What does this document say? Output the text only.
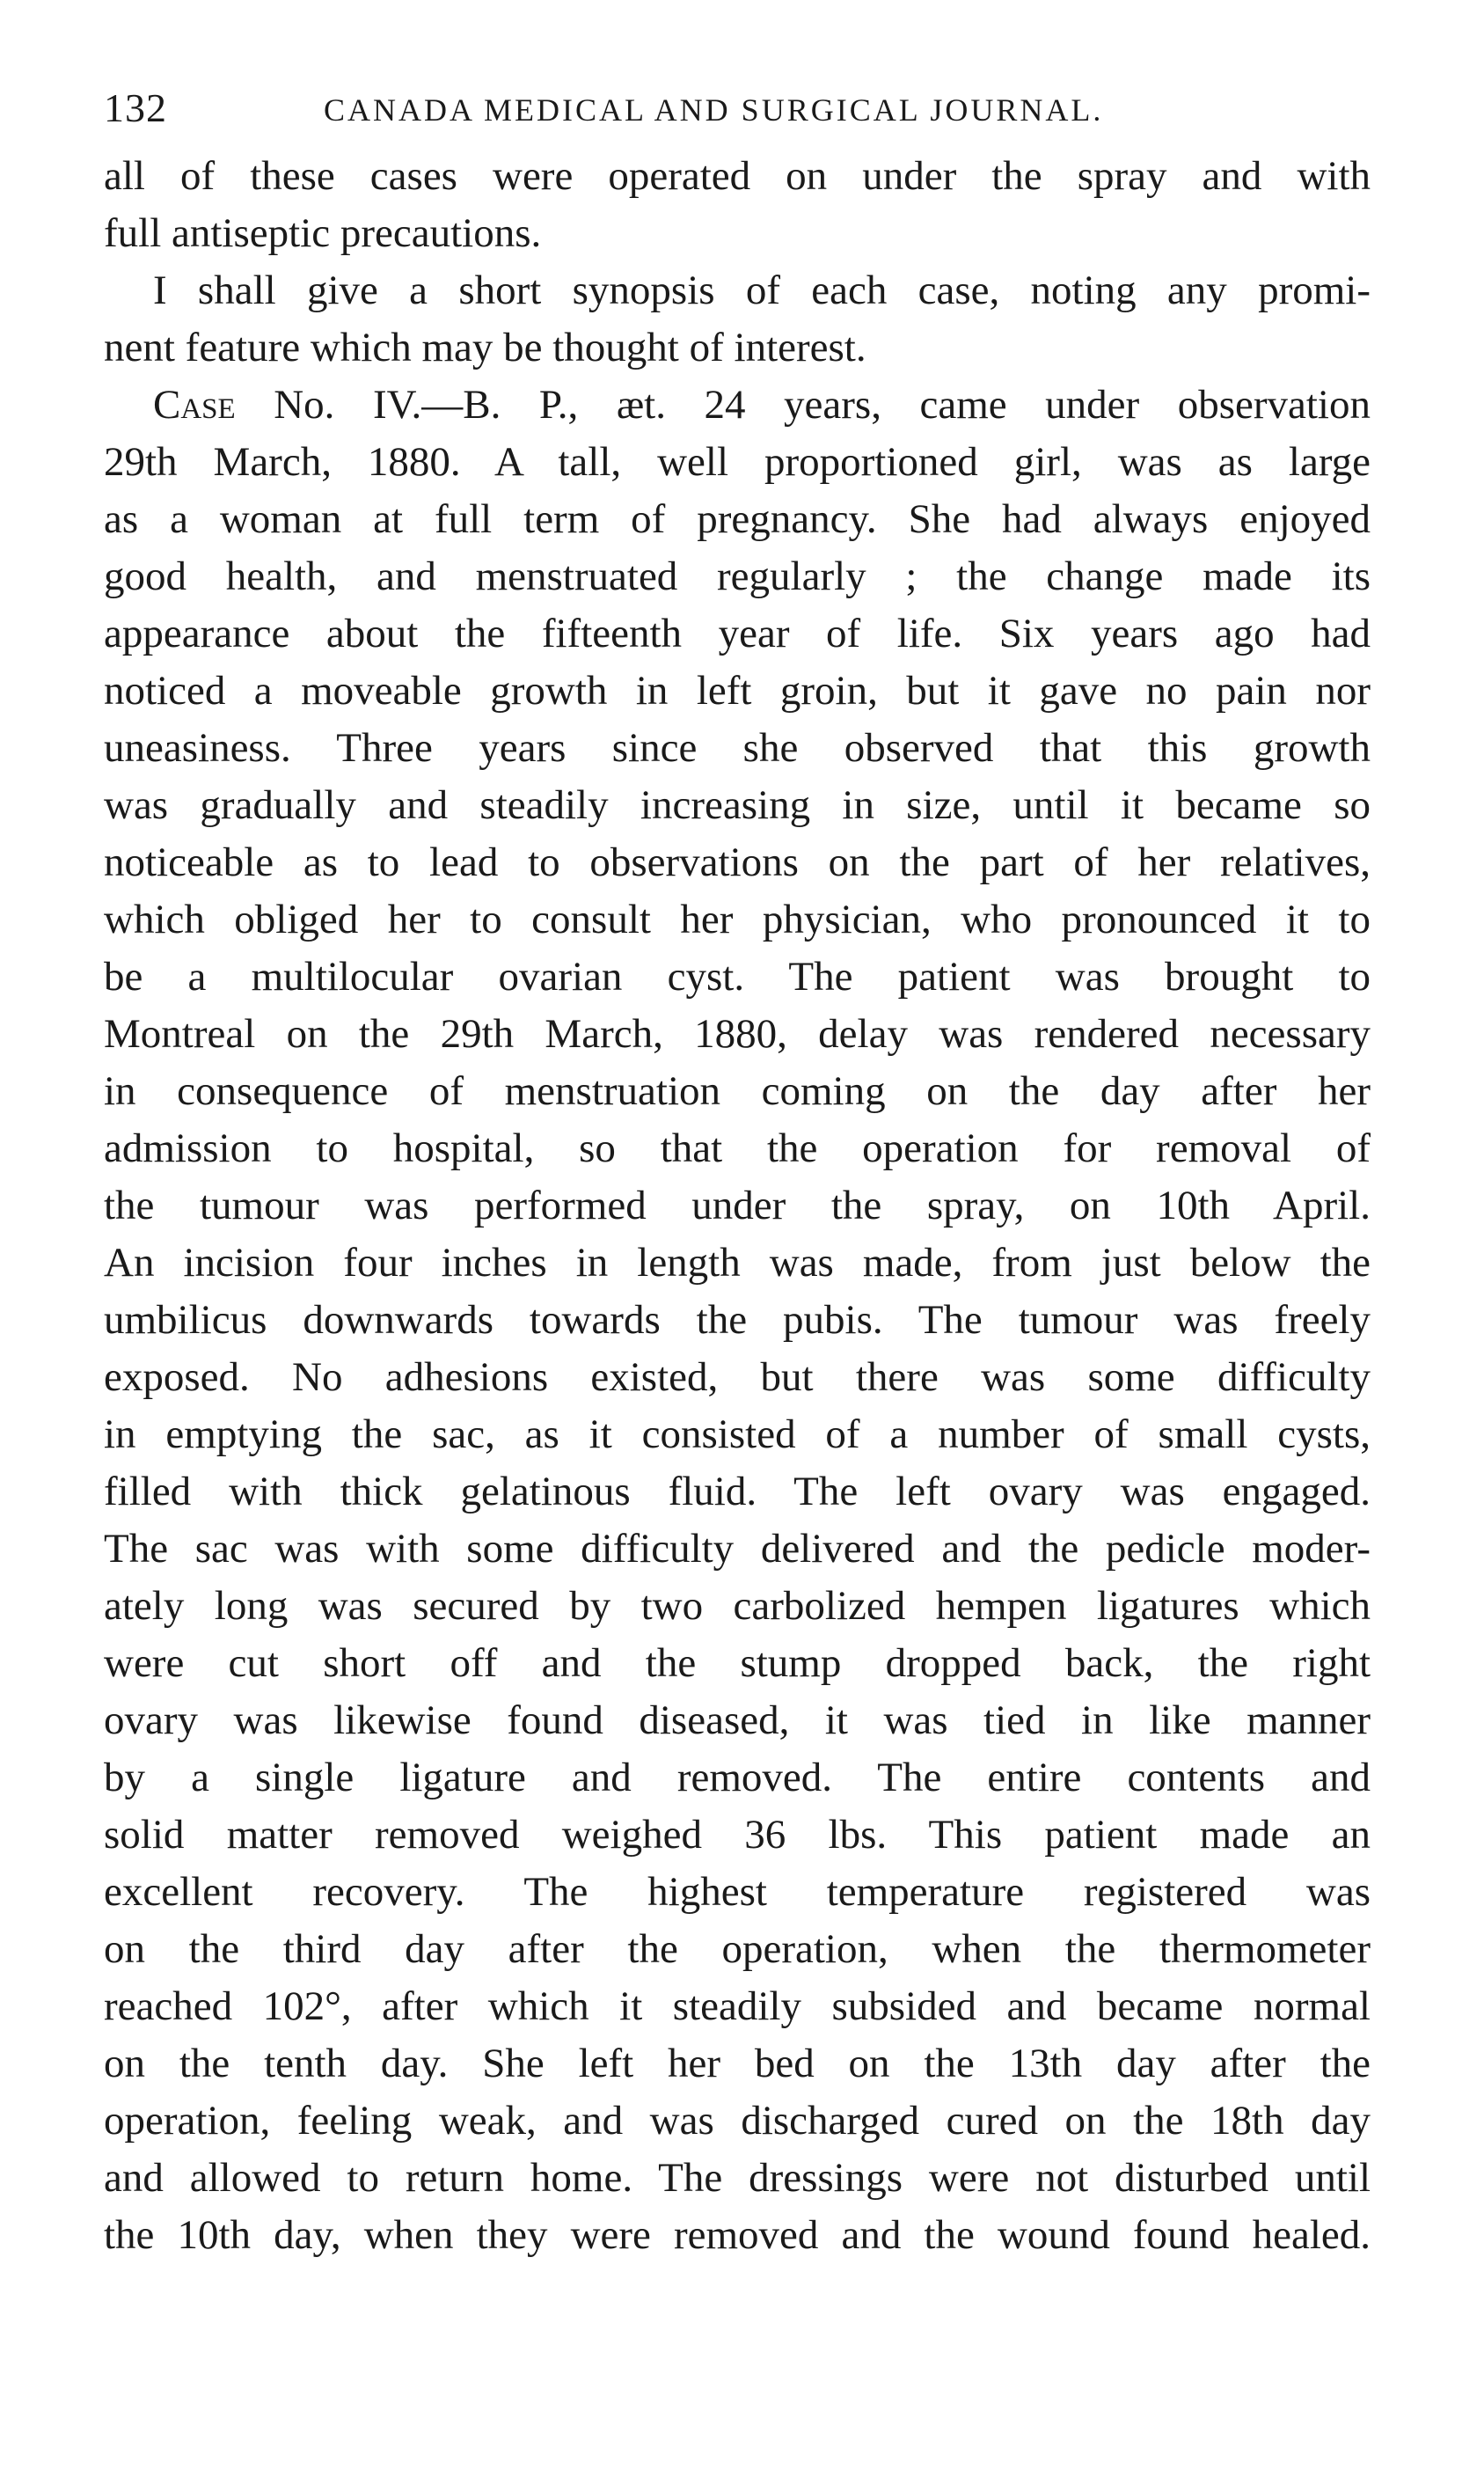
132	CANADA MEDICAL AND SURGICAL JOURNAL.
all of these cases were operated on under the spray and with
full antiseptic precautions.
I shall give a short synopsis of each case, noting any promi-
nent feature which may be thought of interest.
Case No. IV.—B. P., æt. 24 years, came under observation
29th March, 1880. A tall, well proportioned girl, was as large
as a woman at full term of pregnancy. She had always enjoyed
good health, and menstruated regularly ; the change made its
appearance about the fifteenth year of life. Six years ago had
noticed a moveable growth in left groin, but it gave no pain nor
uneasiness. Three years since she observed that this growth
was gradually and steadily increasing in size, until it became so
noticeable as to lead to observations on the part of her relatives,
which obliged her to consult her physician, who pronounced it to
be a multilocular ovarian cyst. The patient was brought to
Montreal on the 29th March, 1880, delay was rendered necessary
in consequence of menstruation coming on the day after her
admission to hospital, so that the operation for removal of
the tumour was performed under the spray, on 10th April.
An incision four inches in length was made, from just below the
umbilicus downwards towards the pubis. The tumour was freely
exposed. No adhesions existed, but there was some difficulty
in emptying the sac, as it consisted of a number of small cysts,
filled with thick gelatinous fluid. The left ovary was engaged.
The sac was with some difficulty delivered and the pedicle moder-
ately long was secured by two carbolized hempen ligatures which
were cut short off and the stump dropped back, the right
ovary was likewise found diseased, it was tied in like manner
by a single ligature and removed. The entire contents and
solid matter removed weighed 36 lbs. This patient made an
excellent recovery. The highest temperature registered was
on the third day after the operation, when the thermometer
reached 102°, after which it steadily subsided and became normal
on the tenth day. She left her bed on the 13th day after the
operation, feeling weak, and was discharged cured on the 18th day
and allowed to return home. The dressings were not disturbed until
the 10th day, when they were removed and the wound found healed.
